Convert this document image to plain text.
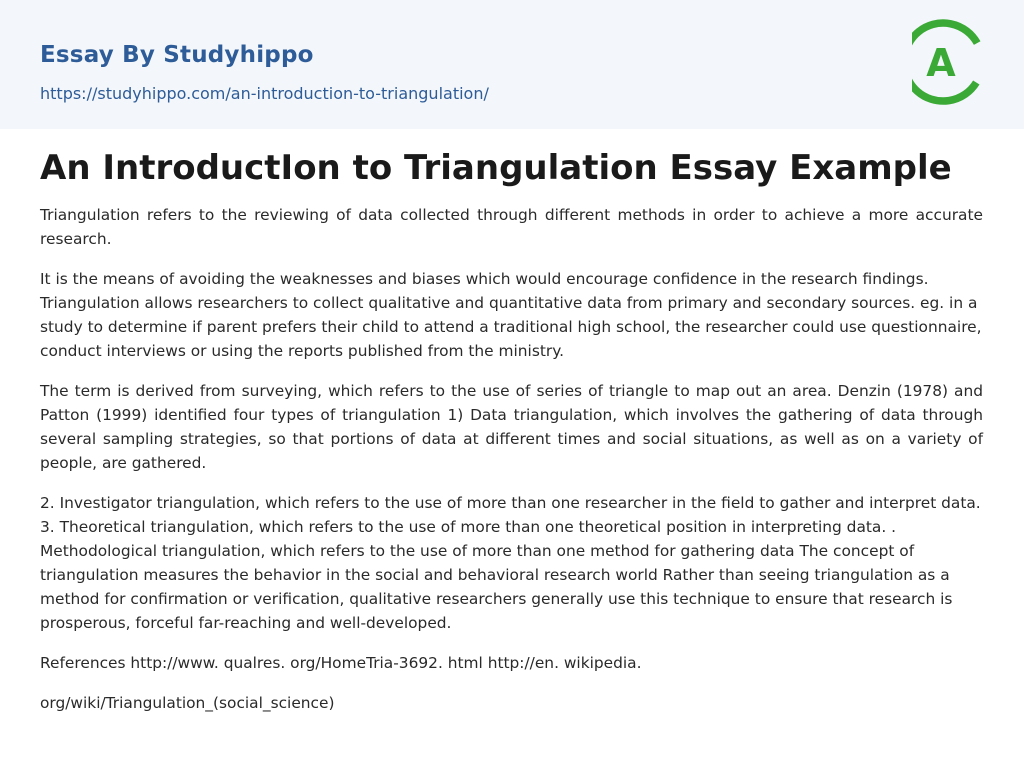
Essay By Studyhippo
https://studyhippo.com/an-introduction-to-triangulation/
A
An IntroductIon to Triangulation Essay Example

Triangulation refers to the reviewing of data collected through different methods in order to achieve a more accurate research.

It is the means of avoiding the weaknesses and biases which would encourage confidence in the research findings. Triangulation allows researchers to collect qualitative and quantitative data from primary and secondary sources. eg. in a study to determine if parent prefers their child to attend a traditional high school, the researcher could use questionnaire, conduct interviews or using the reports published from the ministry.

The term is derived from surveying, which refers to the use of series of triangle to map out an area. Denzin (1978) and Patton (1999) identified four types of triangulation 1) Data triangulation, which involves the gathering of data through several sampling strategies, so that portions of data at different times and social situations, as well as on a variety of people, are gathered.

2. Investigator triangulation, which refers to the use of more than one researcher in the field to gather and interpret data. 3. Theoretical triangulation, which refers to the use of more than one theoretical position in interpreting data. . Methodological triangulation, which refers to the use of more than one method for gathering data The concept of triangulation measures the behavior in the social and behavioral research world Rather than seeing triangulation as a method for confirmation or verification, qualitative researchers generally use this technique to ensure that research is prosperous, forceful far-reaching and well-developed.

References http://www. qualres. org/HomeTria-3692. html http://en. wikipedia.

org/wiki/Triangulation_(social_science)
